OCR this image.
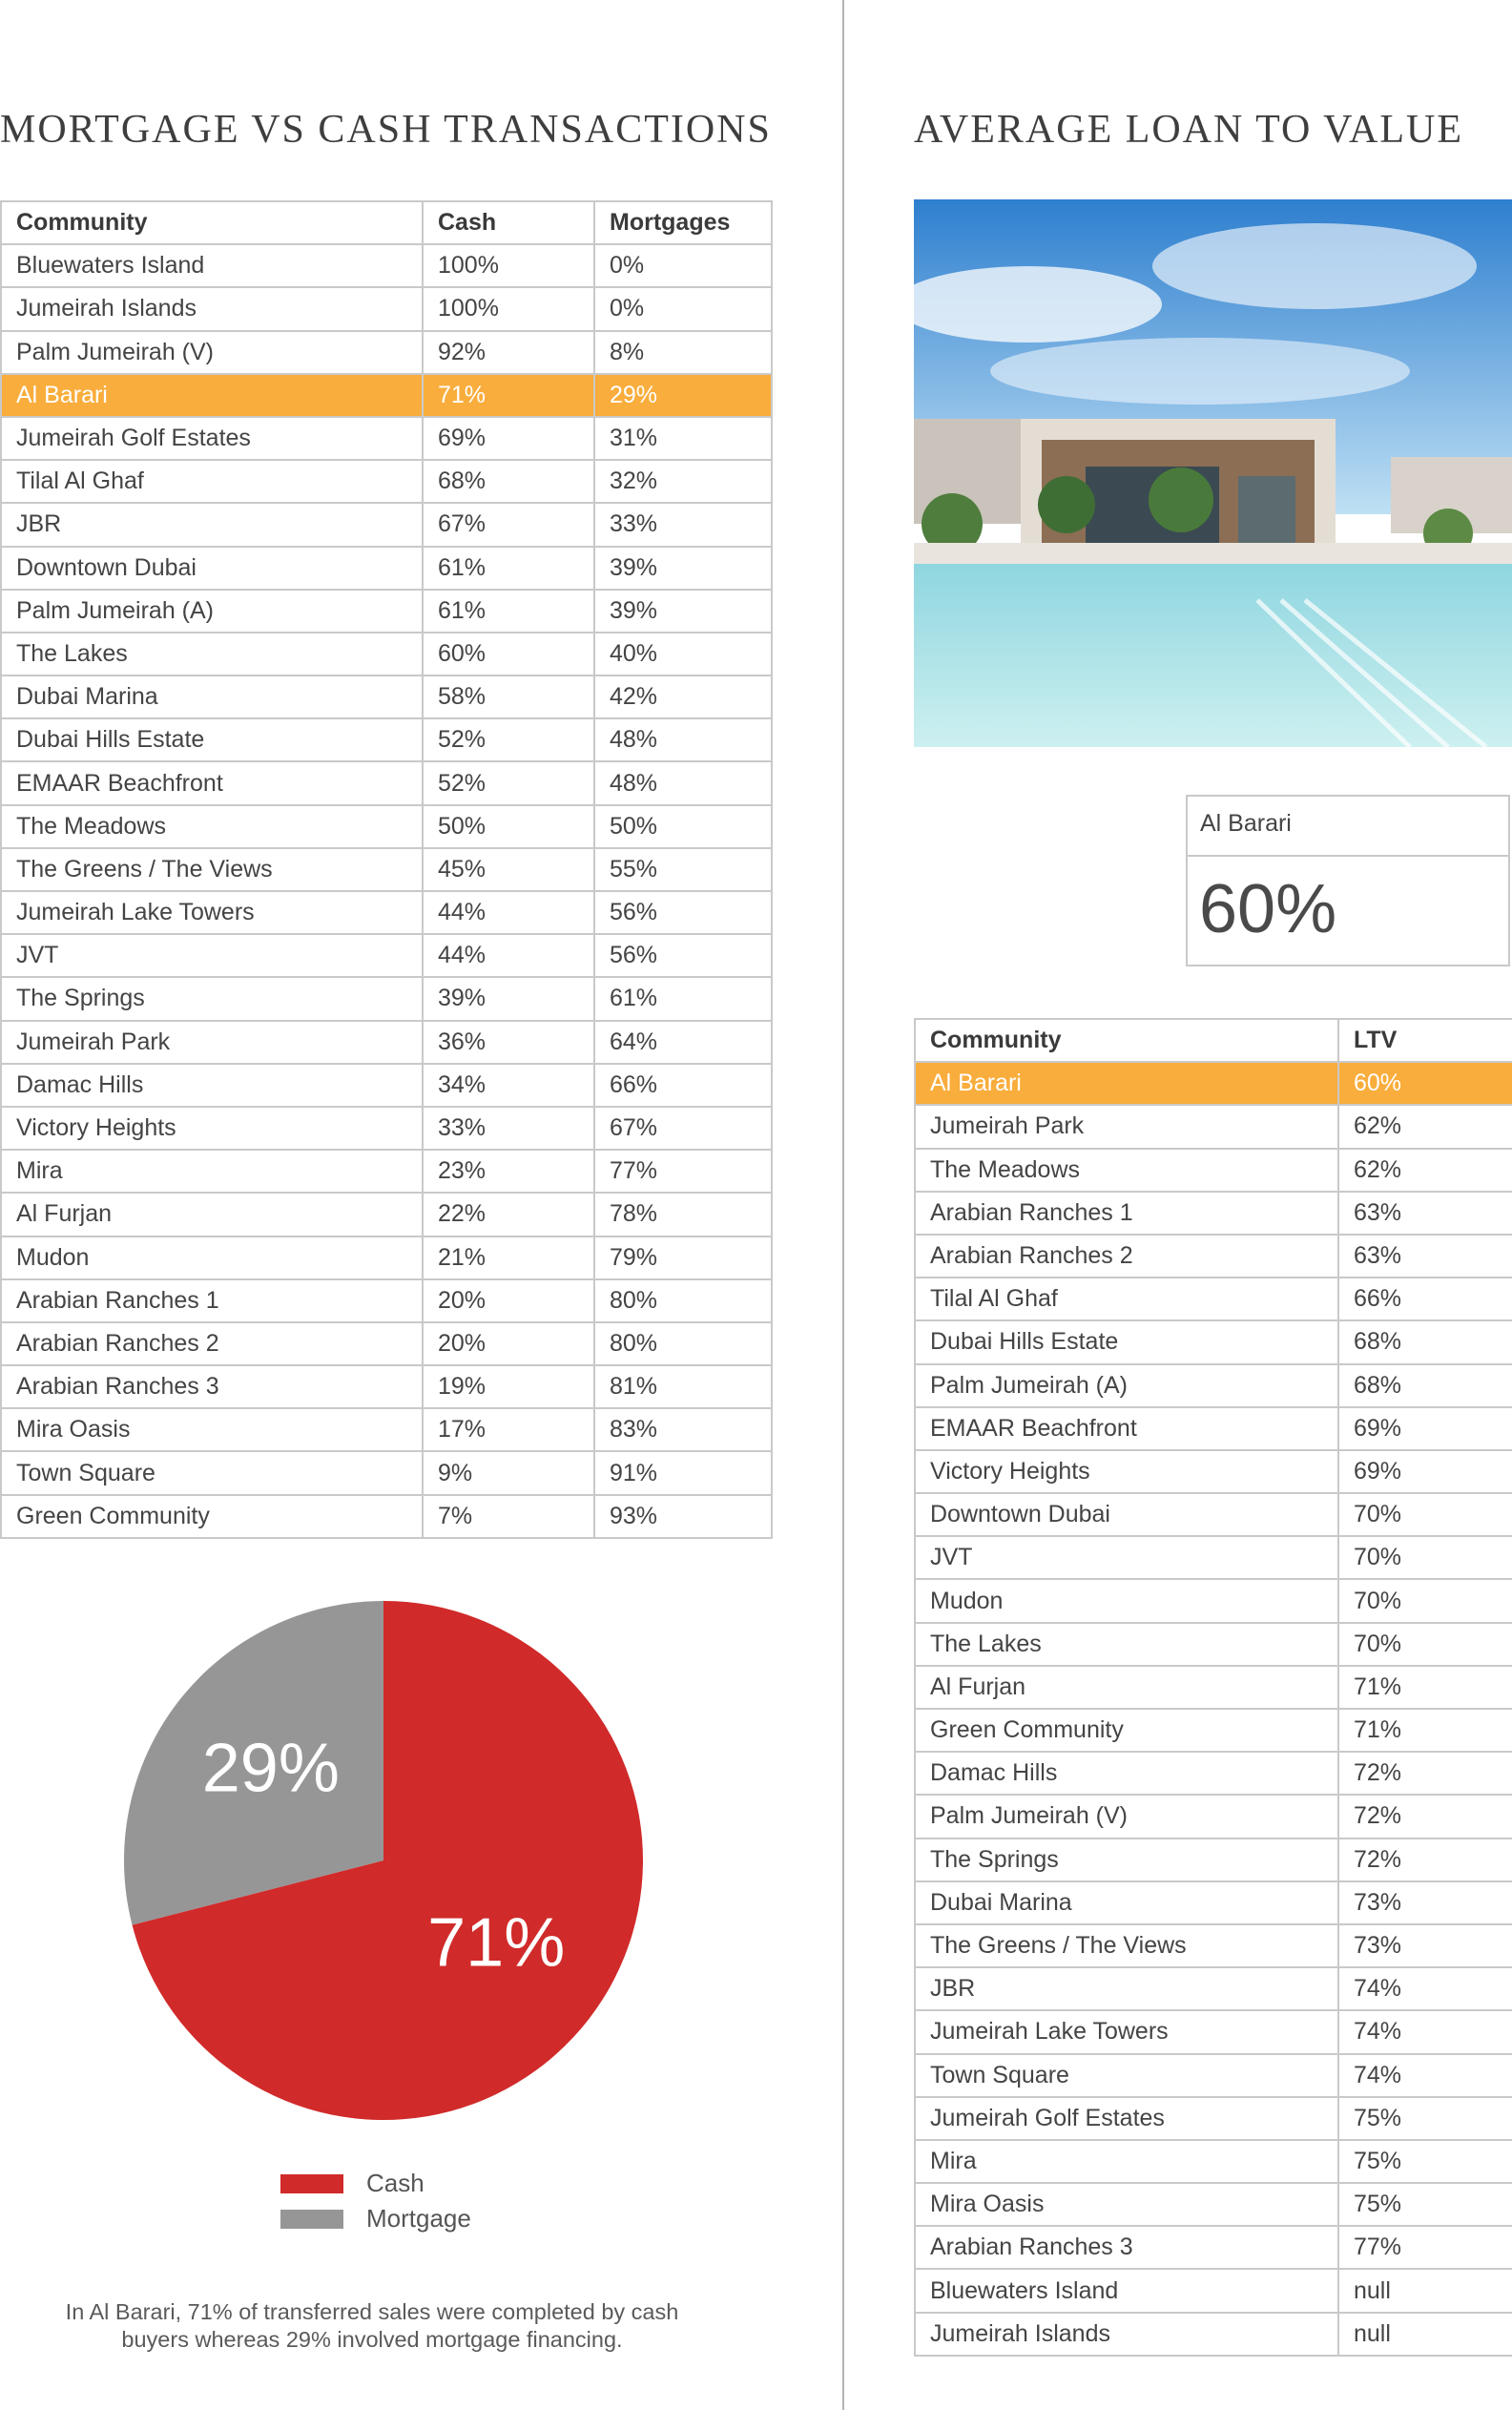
MORTGAGE VS CASH TRANSACTIONS
Community	Cash	Mortgages
Bluewaters Island	100%	0%
Jumeirah Islands	100%	0%
Palm Jumeirah (V)	92%	8%
Al Barari	71%	29%
Jumeirah Golf Estates	69%	31%
Tilal Al Ghaf	68%	32%
JBR	67%	33%
Downtown Dubai	61%	39%
Palm Jumeirah (A)	61%	39%
The Lakes	60%	40%
Dubai Marina	58%	42%
Dubai Hills Estate	52%	48%
EMAAR Beachfront	52%	48%
The Meadows	50%	50%
The Greens / The Views	45%	55%
Jumeirah Lake Towers	44%	56%
JVT	44%	56%
The Springs	39%	61%
Jumeirah Park	36%	64%
Damac Hills	34%	66%
Victory Heights	33%	67%
Mira	23%	77%
Al Furjan	22%	78%
Mudon	21%	79%
Arabian Ranches 1	20%	80%
Arabian Ranches 2	20%	80%
Arabian Ranches 3	19%	81%
Mira Oasis	17%	83%
Town Square	9%	91%
Green Community	7%	93%
AVERAGE LOAN TO VALUE
Al Barari
60%
Community	LTV
Al Barari	60%
Jumeirah Park	62%
The Meadows	62%
Arabian Ranches 1	63%
Arabian Ranches 2	63%
Tilal Al Ghaf	66%
Dubai Hills Estate	68%
Palm Jumeirah (A)	68%
EMAAR Beachfront	69%
Victory Heights	69%
Downtown Dubai	70%
JVT	70%
Mudon	70%
The Lakes	70%
Al Furjan	71%
Green Community	71%
Damac Hills	72%
Palm Jumeirah (V)	72%
The Springs	72%
Dubai Marina	73%
The Greens / The Views	73%
JBR	74%
Jumeirah Lake Towers	74%
Town Square	74%
Jumeirah Golf Estates	75%
Mira	75%
Mira Oasis	75%
Arabian Ranches 3	77%
Bluewaters Island	null
Jumeirah Islands	null
71%
29%
Cash
Mortgage

In Al Barari, 71% of transferred sales were completed by cash buyers whereas 29% involved mortgage financing.
